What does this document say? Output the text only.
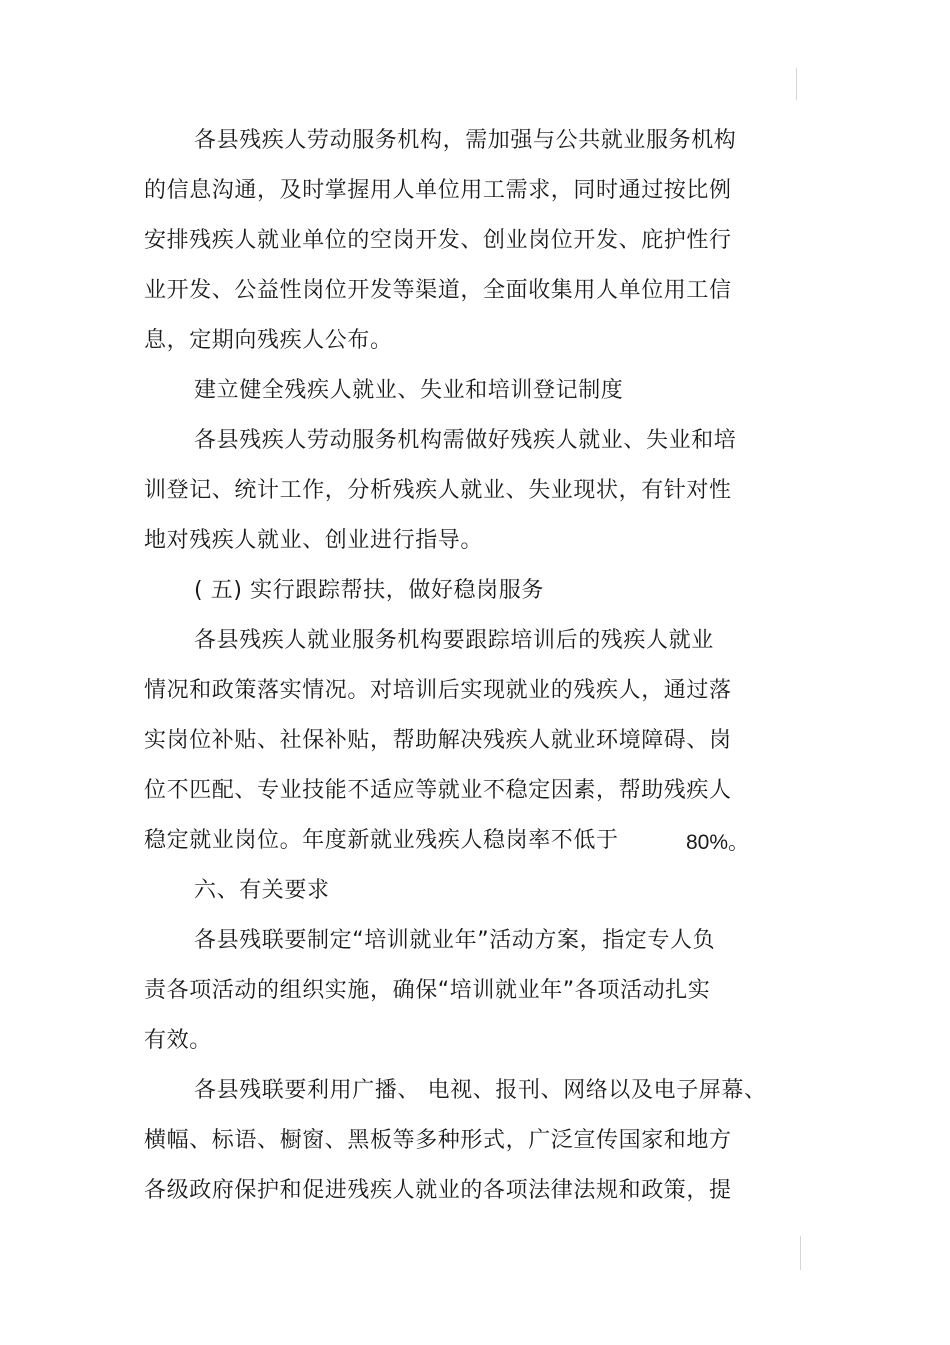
各县残疾人劳动服务机构，需加强与公共就业服务机构
的信息沟通，及时掌握用人单位用工需求，同时通过按比例
安排残疾人就业单位的空岗开发、创业岗位开发、庇护性行
业开发、公益性岗位开发等渠道，全面收集用人单位用工信
息，定期向残疾人公布。
建立健全残疾人就业、失业和培训登记制度
各县残疾人劳动服务机构需做好残疾人就业、失业和培
训登记、统计工作，分析残疾人就业、失业现状，有针对性
地对残疾人就业、创业进行指导。
( 五) 实行跟踪帮扶，做好稳岗服务
各县残疾人就业服务机构要跟踪培训后的残疾人就业
情况和政策落实情况。对培训后实现就业的残疾人，通过落
实岗位补贴、社保补贴，帮助解决残疾人就业环境障碍、岗
位不匹配、专业技能不适应等就业不稳定因素，帮助残疾人
稳定就业岗位。年度新就业残疾人稳岗率不低于	80%。
六、有关要求
各县残联要制定“培训就业年”活动方案，指定专人负
责各项活动的组织实施，确保“培训就业年”各项活动扎实
有效。
各县残联要利用广播、 电视、报刊、网络以及电子屏幕、
横幅、标语、橱窗、黑板等多种形式，广泛宣传国家和地方
各级政府保护和促进残疾人就业的各项法律法规和政策，提
